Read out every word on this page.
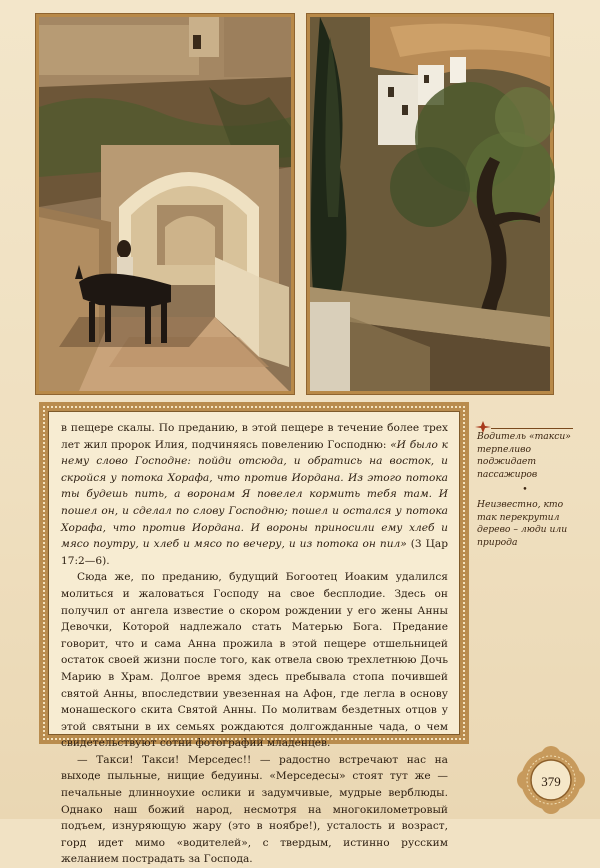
в пещере скалы. По преданию, в этой пещере в течение более трех лет жил пророк Илия, подчиняясь повелению Господню: «И было к нему слово Господне: пойди отсюда, и обратись на восток, и скройся у потока Хорафа, что против Иордана. Из этого потока ты будешь пить, а воронам Я повелел кормить тебя там. И пошел он, и сделал по слову Господню; пошел и остался у потока Хорафа, что против Иордана. И вороны приносили ему хлеб и мясо поутру, и хлеб и мясо по вечеру, и из потока он пил» (3 Цар 17:2—6).

Сюда же, по преданию, будущий Богоотец Иоаким удалился молиться и жаловаться Господу на свое бесплодие. Здесь он получил от ангела известие о скором рождении у его жены Анны Девочки, Которой надлежало стать Матерью Бога. Предание говорит, что и сама Анна прожила в этой пещере отшельницей остаток своей жизни после того, как отвела свою трехлетнюю Дочь Марию в Храм. Долгое время здесь пребывала стопа почившей святой Анны, впоследствии увезенная на Афон, где легла в основу монашеского скита Святой Анны. По молитвам бездетных отцов у этой святыни в их семьях рождаются долгожданные чада, о чем свидетельствуют сотни фотографий младенцев.

— Такси! Такси! Мерседес!! — радостно встречают нас на выходе пыльные, нищие бедуины. «Мерседесы» стоят тут же — печальные длинноухие ослики и задумчивые, мудрые верблюды. Однако наш божий народ, несмотря на многокилометровый подъем, изнуряющую жару (это в ноябре!), усталость и возраст, горд идет мимо «водителей», с твердым, истинно русским желанием пострадать за Господа.

Водитель «такси» терпеливо поджидает пассажиров
•
Неизвестно, кто так перекрутил дерево – люди или природа
379
